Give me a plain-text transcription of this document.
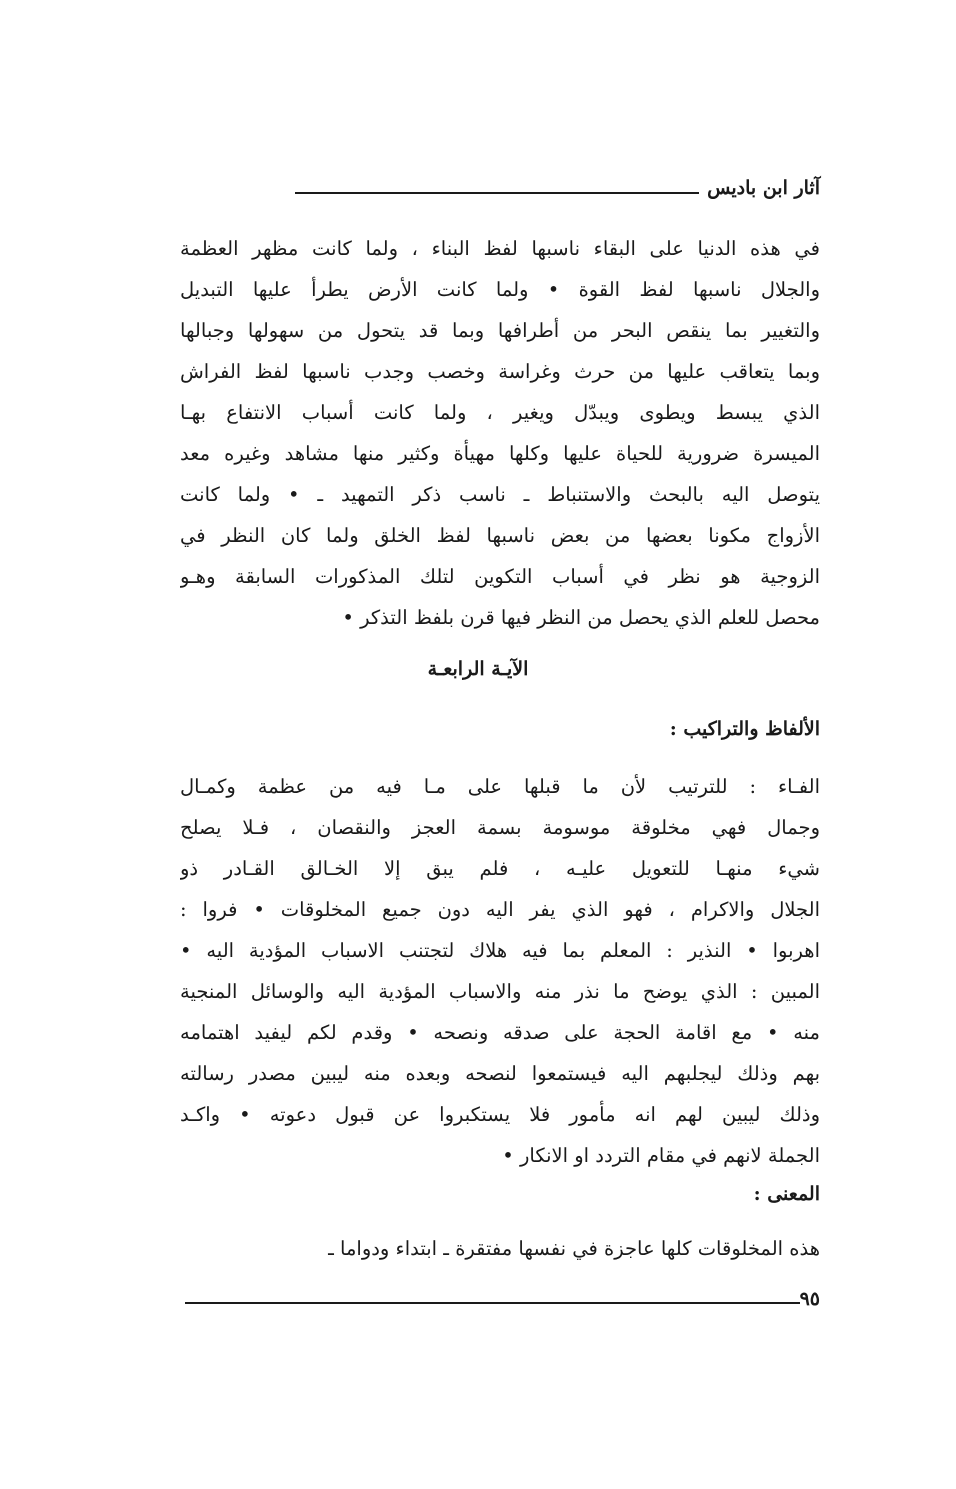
آثار ابن باديس
في هذه الدنيا على البقاء ناسبها لفظ البناء ، ولما كانت مظهر العظمة
والجلال ناسبها لفظ القوة • ولما كانت الأرض يطرأ عليها التبديل
والتغيير بما ينقص البحر من أطرافها وبما قد يتحول من سهولها وجبالها
وبما يتعاقب عليها من حرث وغراسة وخصب وجدب ناسبها لفظ الفراش
الذي يبسط ويطوى ويبدّل ويغير ، ولما كانت أسباب الانتفاع بهـا
الميسرة ضرورية للحياة عليها وكلها مهيأة وكثير منها مشاهد وغيره معد
يتوصل اليه بالبحث والاستنباط ـ ناسب ذكر التمهيد ـ • ولما كانت
الأزواج مكونا بعضها من بعض ناسبها لفظ الخلق ولما كان النظر في
الزوجية هو نظر في أسباب التكوين لتلك المذكورات السابقة وهـو
محصل للعلم الذي يحصل من النظر فيها قرن بلفظ التذكر •
الآيـة الرابعـة
الألفاظ والتراكيب :
الفـاء : للترتيب لأن ما قبلها على مـا فيه من عظمة وكمـال
وجمال فهي مخلوقة موسومة بسمة العجز والنقصان ، فـلا يصلح
شيء منهـا للتعويل عليـه ، فلم يبق إلا الخـالق القـادر ذو
الجلال والاكرام ، فهو الذي يفر اليه دون جميع المخلوقات • فروا :
اهربوا • النذير : المعلم بما فيه هلاك لتجتنب الاسباب المؤدية اليه •
المبين : الذي يوضح ما نذر منه والاسباب المؤدية اليه والوسائل المنجية
منه • مع اقامة الحجة على صدقه ونصحه • وقدم لكم ليفيد اهتمامه
بهم وذلك ليجلبهم اليه فيستمعوا لنصحه وبعده منه ليبين مصدر رسالته
وذلك ليبين لهم انه مأمور فلا يستكبروا عن قبول دعوته • واكـد
الجملة لانهم في مقام التردد او الانكار •
المعنى :
هذه المخلوقات كلها عاجزة في نفسها مفتقرة ـ ابتداء ودواما ـ
٩٥
